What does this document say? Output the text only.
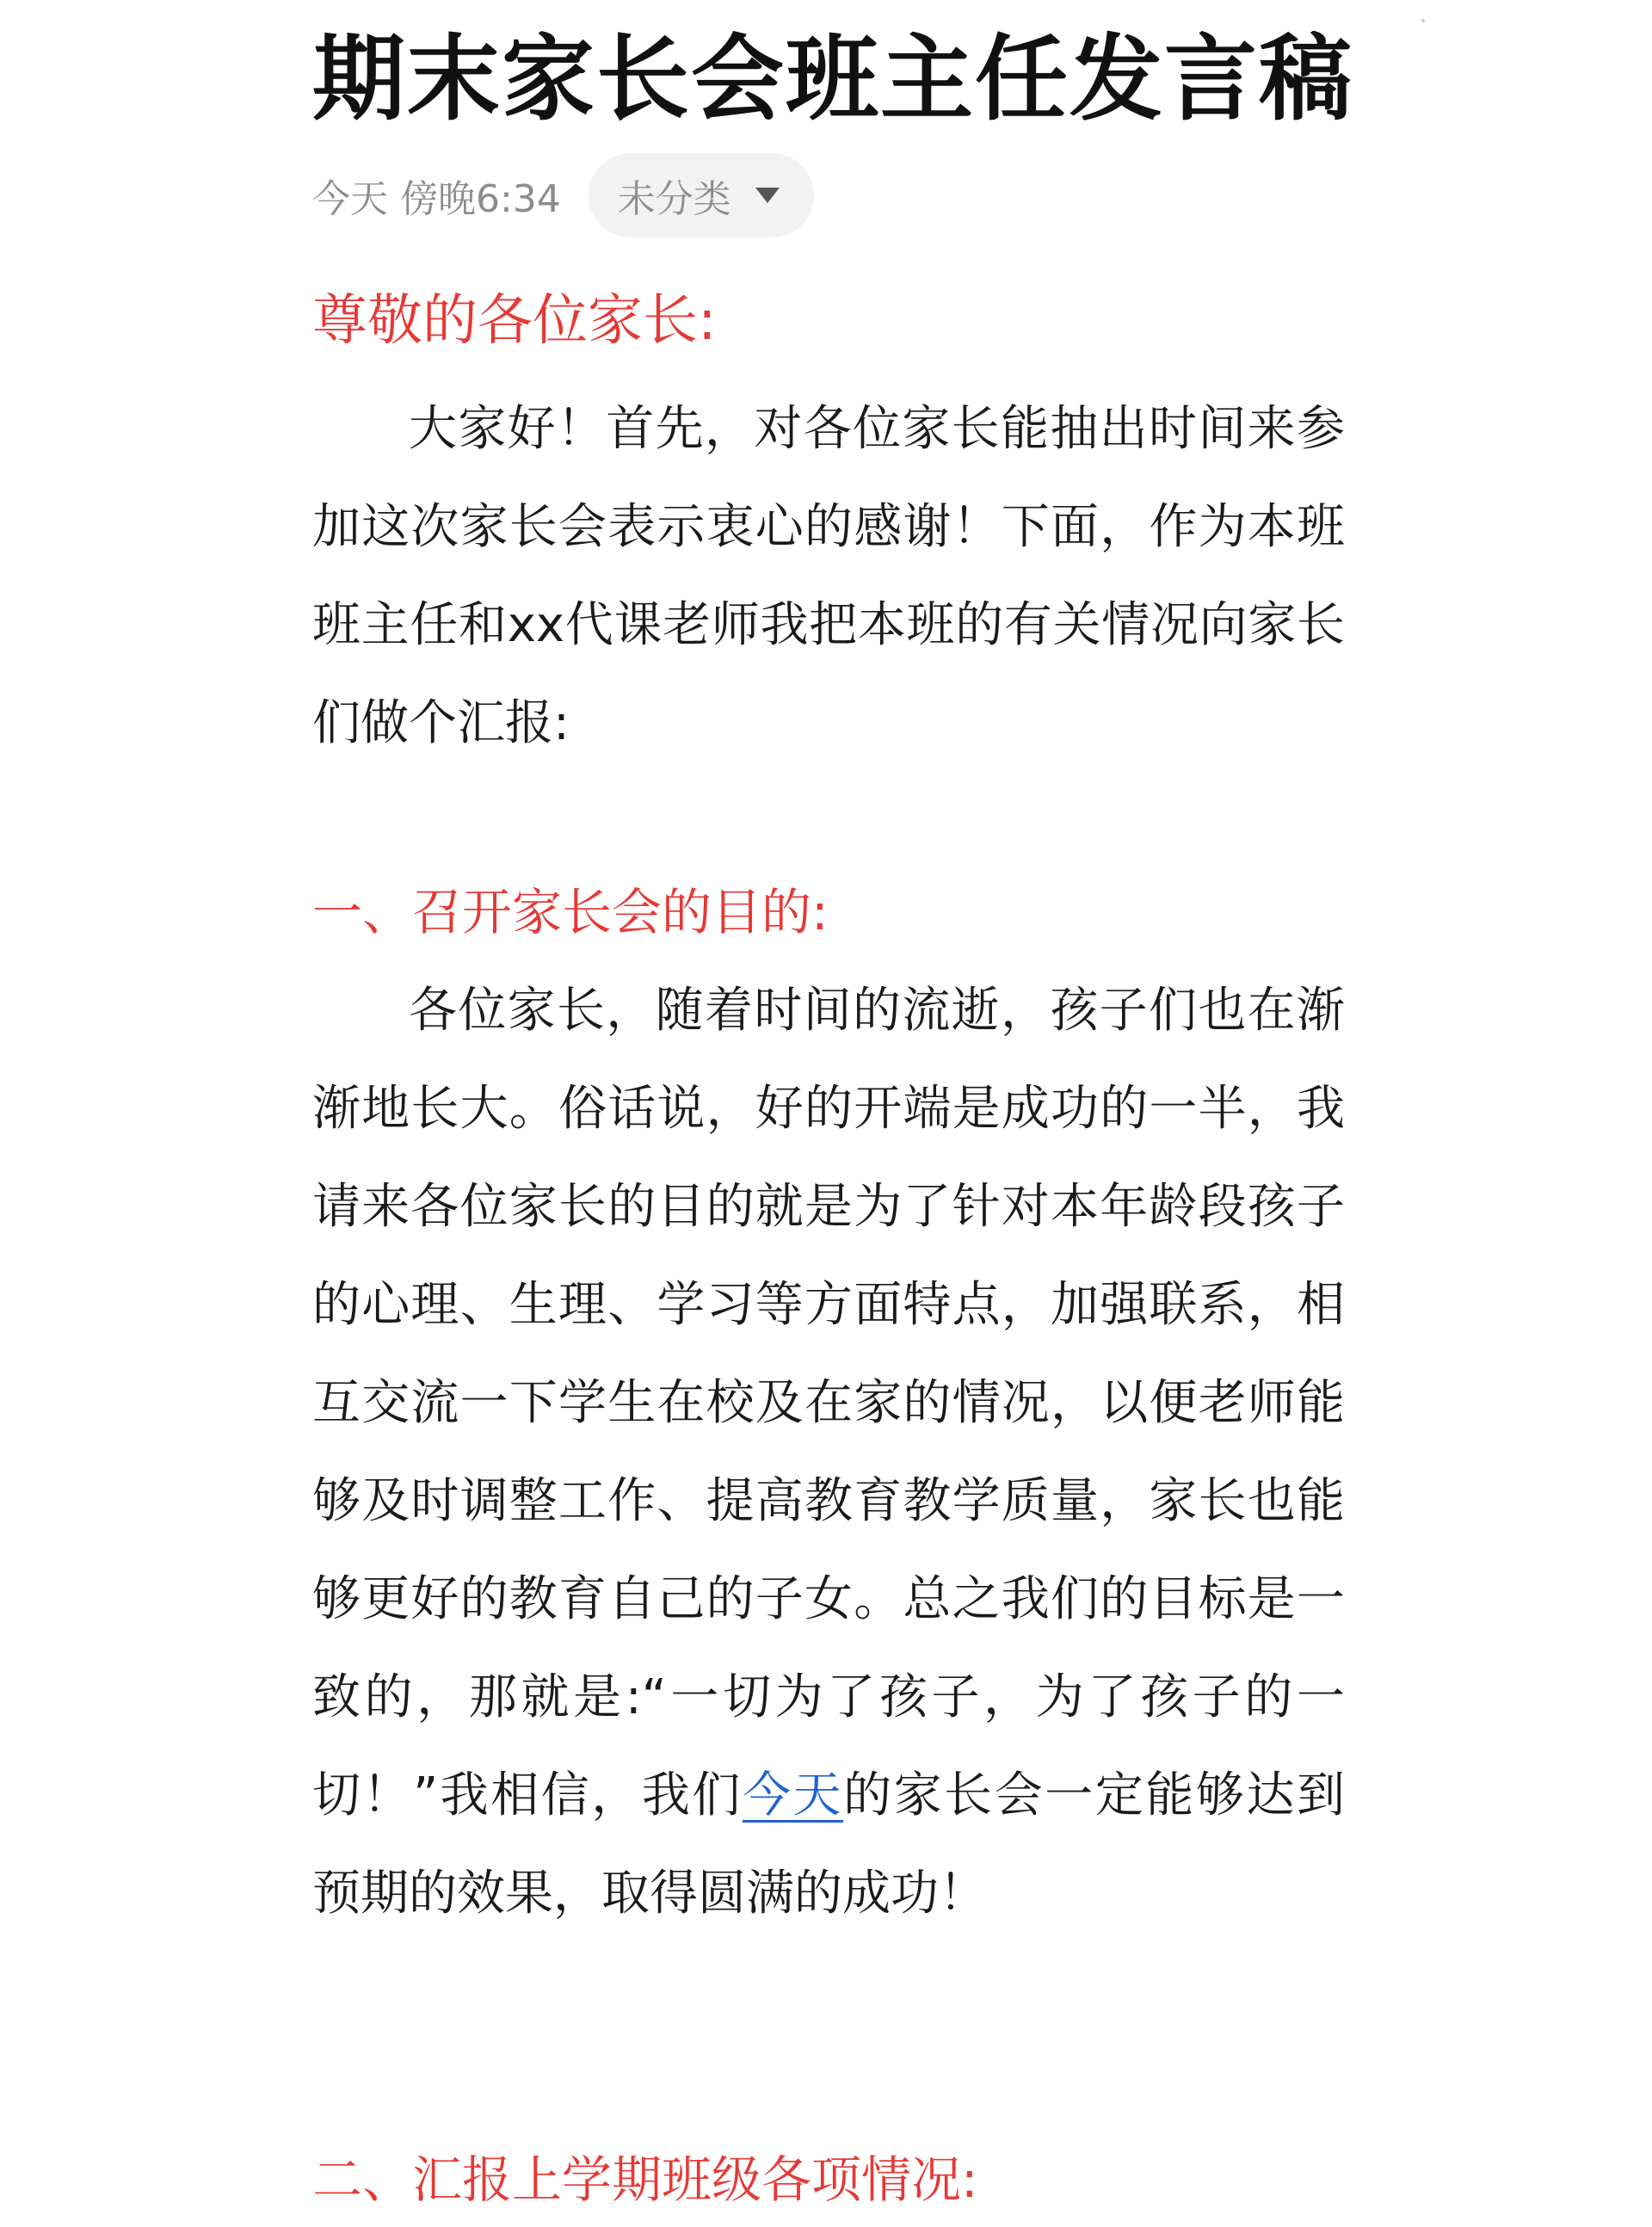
期末家长会班主任发言稿
今天 傍晚6:34 未分类
尊敬的各位家长:

大家好！首先，对各位家长能抽出时间来参加这次家长会表示衷心的感谢！下面，作为本班班主任和xx代课老师我把本班的有关情况向家长们做个汇报:

一、召开家长会的目的:

各位家长，随着时间的流逝，孩子们也在渐渐地长大。俗话说，好的开端是成功的一半，我请来各位家长的目的就是为了针对本年龄段孩子的心理、生理、学习等方面特点，加强联系，相互交流一下学生在校及在家的情况，以便老师能够及时调整工作、提高教育教学质量，家长也能够更好的教育自己的子女。总之我们的目标是一致的，那就是:“一切为了孩子，为了孩子的一切！”我相信，我们今天的家长会一定能够达到预期的效果，取得圆满的成功！

二、汇报上学期班级各项情况:
